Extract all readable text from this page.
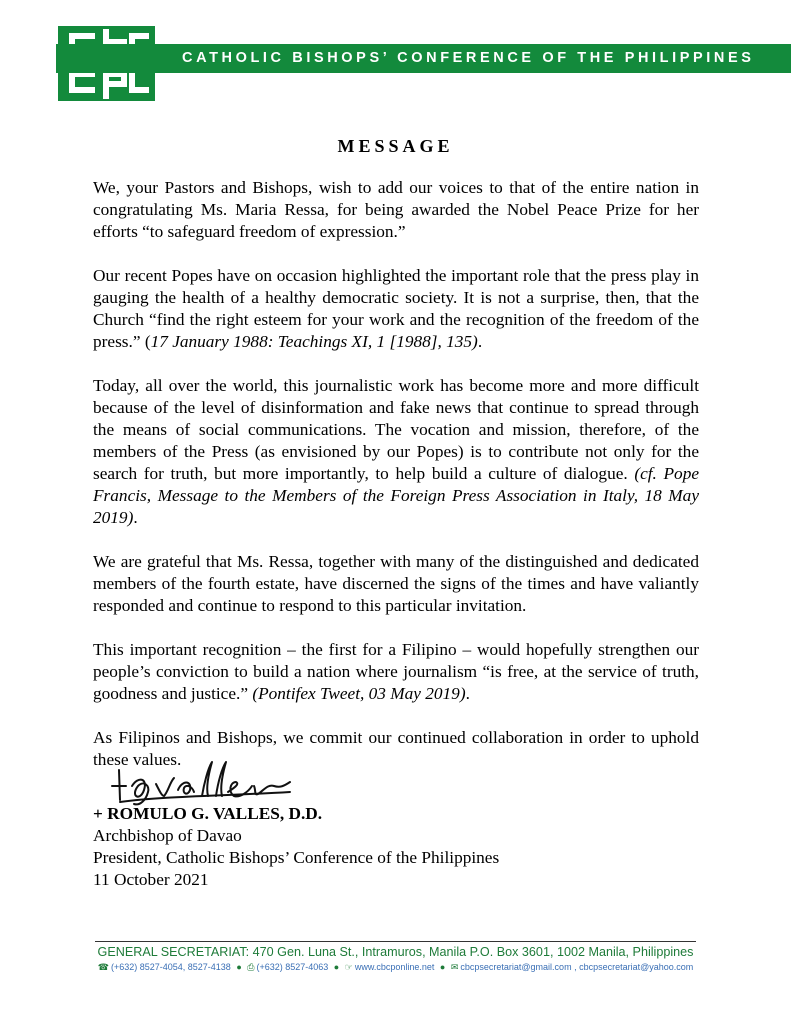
CATHOLIC BISHOPS’ CONFERENCE OF THE PHILIPPINES
MESSAGE

We, your Pastors and Bishops, wish to add our voices to that of the entire nation in congratulating Ms. Maria Ressa, for being awarded the Nobel Peace Prize for her efforts “to safeguard freedom of expression.”

Our recent Popes have on occasion highlighted the important role that the press play in gauging the health of a healthy democratic society. It is not a surprise, then, that the Church “find the right esteem for your work and the recognition of the freedom of the press.” (17 January 1988: Teachings XI, 1 [1988], 135).

Today, all over the world, this journalistic work has become more and more difficult because of the level of disinformation and fake news that continue to spread through the means of social communications. The vocation and mission, therefore, of the members of the Press (as envisioned by our Popes) is to contribute not only for the search for truth, but more importantly, to help build a culture of dialogue. (cf. Pope Francis, Message to the Members of the Foreign Press Association in Italy, 18 May 2019).

We are grateful that Ms. Ressa, together with many of the distinguished and dedicated members of the fourth estate, have discerned the signs of the times and have valiantly responded and continue to respond to this particular invitation.

This important recognition – the first for a Filipino – would hopefully strengthen our people’s conviction to build a nation where journalism “is free, at the service of truth, goodness and justice.” (Pontifex Tweet, 03 May 2019).

As Filipinos and Bishops, we commit our continued collaboration in order to uphold these values.

+ ROMULO G. VALLES, D.D.
Archbishop of Davao
President, Catholic Bishops’ Conference of the Philippines
11 October 2021
GENERAL SECRETARIAT: 470 Gen. Luna St., Intramuros, Manila P.O. Box 3601, 1002 Manila, Philippines
☎ (+632) 8527-4054, 8527-4138 ● ⎙ (+632) 8527-4063 ● ☞ www.cbcponline.net ● ✉ cbcpsecretariat@gmail.com , cbcpsecretariat@yahoo.com
